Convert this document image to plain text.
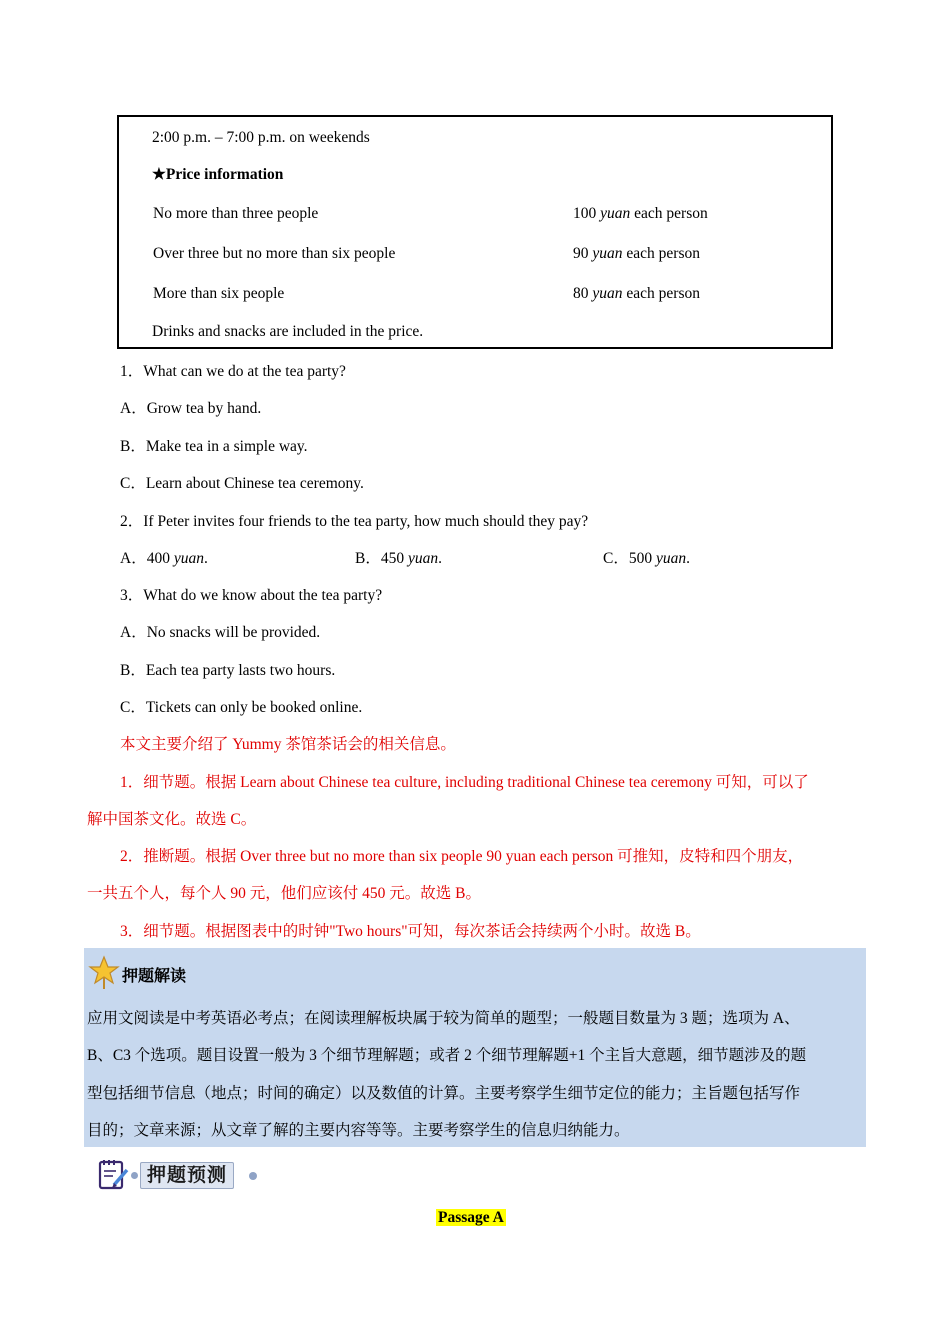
2:00 p.m. – 7:00 p.m. on weekends
★Price information
No more than three people	100 yuan each person
Over three but no more than six people	90 yuan each person
More than six people	80 yuan each person
Drinks and snacks are included in the price.
1．What can we do at the tea party?
A．Grow tea by hand.
B．Make tea in a simple way.
C．Learn about Chinese tea ceremony.
2．If Peter invites four friends to the tea party, how much should they pay?
A．400 yuan.	B．450 yuan.	C．500 yuan.
3．What do we know about the tea party?
A．No snacks will be provided.
B．Each tea party lasts two hours.
C．Tickets can only be booked online.
本文主要介绍了 Yummy 茶馆茶话会的相关信息。
1．细节题。根据 Learn about Chinese tea culture, including traditional Chinese tea ceremony 可知，可以了
解中国茶文化。故选 C。
2．推断题。根据 Over three but no more than six people 90 yuan each person 可推知，皮特和四个朋友，
一共五个人，每个人 90 元，他们应该付 450 元。故选 B。
3．细节题。根据图表中的时钟"Two hours"可知，每次茶话会持续两个小时。故选 B。
押题解读
应用文阅读是中考英语必考点；在阅读理解板块属于较为简单的题型；一般题目数量为 3 题；选项为 A、
B、C3 个选项。题目设置一般为 3 个细节理解题；或者 2 个细节理解题+1 个主旨大意题，细节题涉及的题
型包括细节信息（地点；时间的确定）以及数值的计算。主要考察学生细节定位的能力；主旨题包括写作
目的；文章来源；从文章了解的主要内容等等。主要考察学生的信息归纳能力。
押题预测
Passage A
